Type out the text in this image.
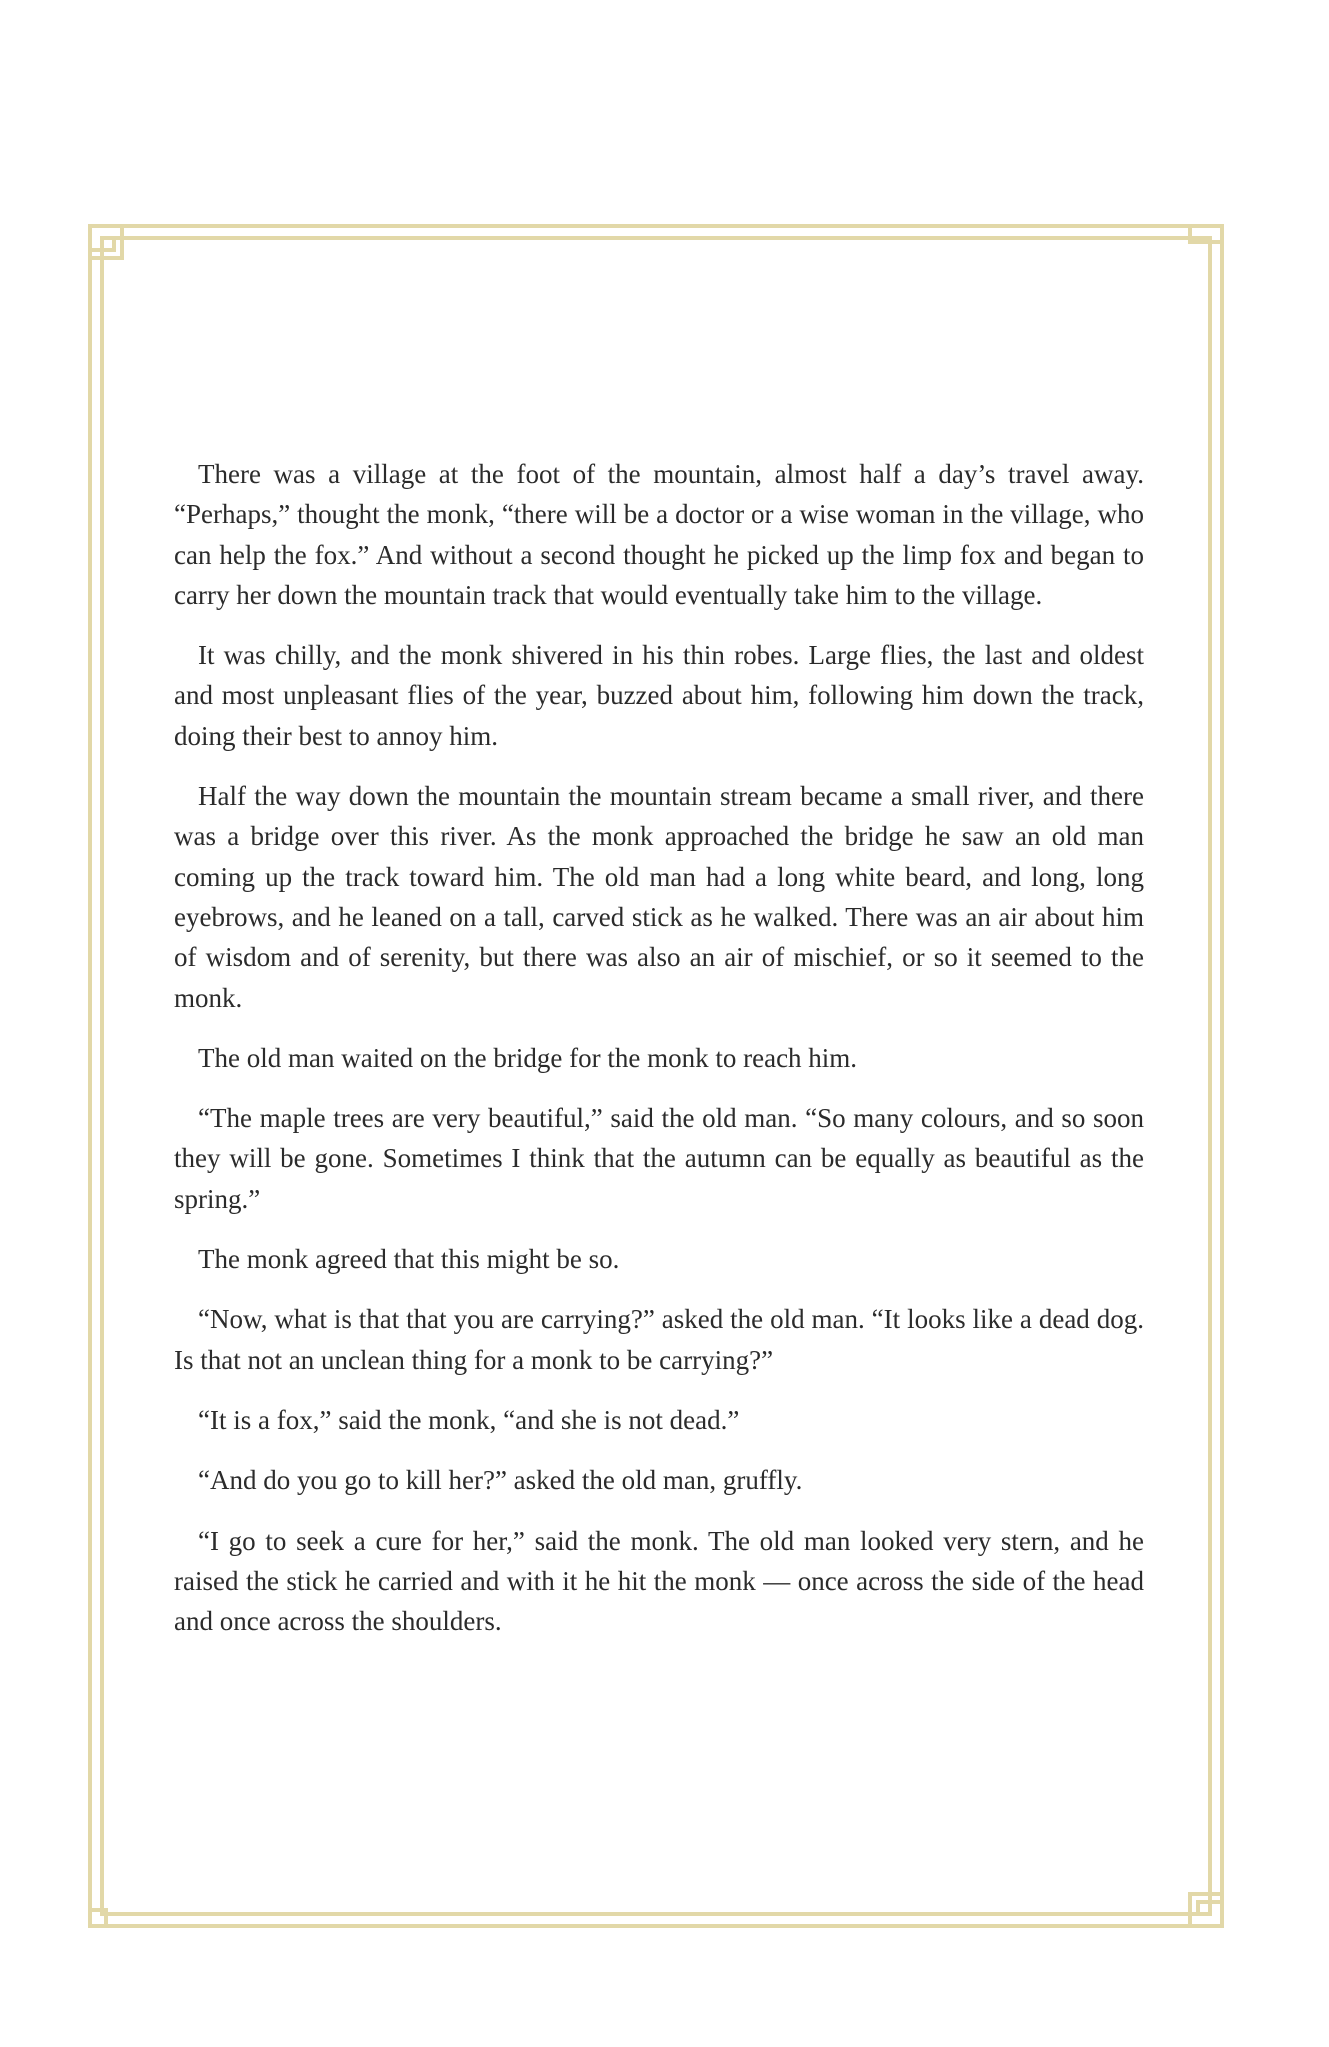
There was a village at the foot of the mountain, almost half a day’s travel away. “Perhaps,” thought the monk, “there will be a doctor or a wise woman in the village, who can help the fox.” And without a second thought he picked up the limp fox and began to carry her down the mountain track that would eventually take him to the village.

It was chilly, and the monk shivered in his thin robes. Large flies, the last and oldest and most unpleasant flies of the year, buzzed about him, following him down the track, doing their best to annoy him.

Half the way down the mountain the mountain stream became a small river, and there was a bridge over this river. As the monk approached the bridge he saw an old man coming up the track toward him. The old man had a long white beard, and long, long eyebrows, and he leaned on a tall, carved stick as he walked. There was an air about him of wisdom and of serenity, but there was also an air of mischief, or so it seemed to the monk.

The old man waited on the bridge for the monk to reach him.

“The maple trees are very beautiful,” said the old man. “So many colours, and so soon they will be gone. Sometimes I think that the autumn can be equally as beautiful as the spring.”

The monk agreed that this might be so.

“Now, what is that that you are carrying?” asked the old man. “It looks like a dead dog. Is that not an unclean thing for a monk to be carrying?”

“It is a fox,” said the monk, “and she is not dead.”

“And do you go to kill her?” asked the old man, gruffly.

“I go to seek a cure for her,” said the monk. The old man looked very stern, and he raised the stick he carried and with it he hit the monk — once across the side of the head and once across the shoulders.
